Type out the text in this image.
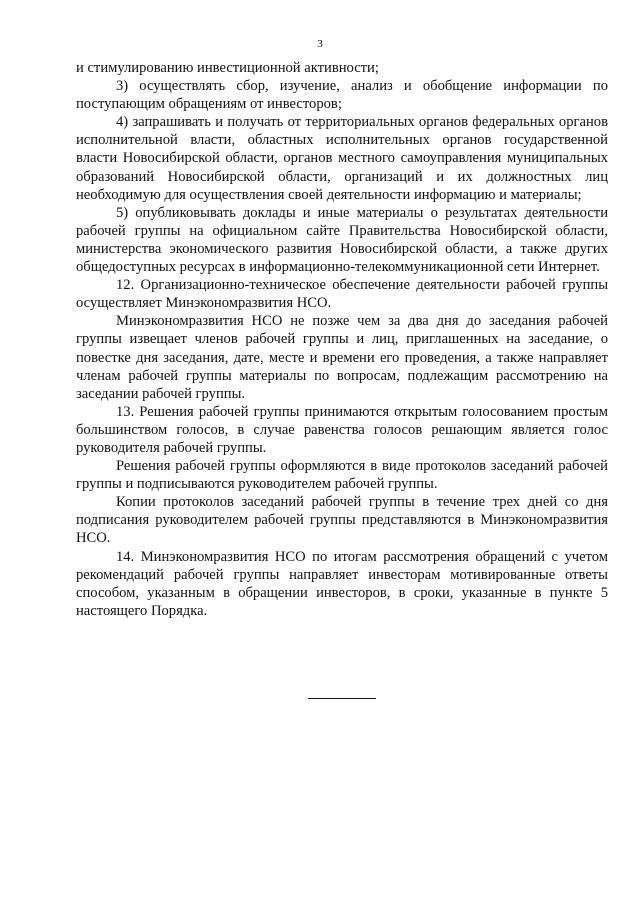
3

и стимулированию инвестиционной активности;

3) осуществлять сбор, изучение, анализ и обобщение информации по поступающим обращениям от инвесторов;

4) запрашивать и получать от территориальных органов федеральных органов исполнительной власти, областных исполнительных органов государственной власти Новосибирской области, органов местного самоуправления муниципальных образований Новосибирской области, организаций и их должностных лиц необходимую для осуществления своей деятельности информацию и материалы;

5) опубликовывать доклады и иные материалы о результатах деятельности рабочей группы на официальном сайте Правительства Новосибирской области, министерства экономического развития Новосибирской области, а также других общедоступных ресурсах в информационно-телекоммуникационной сети Интернет.

12. Организационно-техническое обеспечение деятельности рабочей группы осуществляет Минэкономразвития НСО.

Минэкономразвития НСО не позже чем за два дня до заседания рабочей группы извещает членов рабочей группы и лиц, приглашенных на заседание, о повестке дня заседания, дате, месте и времени его проведения, а также направляет членам рабочей группы материалы по вопросам, подлежащим рассмотрению на заседании рабочей группы.

13. Решения рабочей группы принимаются открытым голосованием простым большинством голосов, в случае равенства голосов решающим является голос руководителя рабочей группы.

Решения рабочей группы оформляются в виде протоколов заседаний рабочей группы и подписываются руководителем рабочей группы.

Копии протоколов заседаний рабочей группы в течение трех дней со дня подписания руководителем рабочей группы представляются в Минэкономразвития НСО.

14. Минэкономразвития НСО по итогам рассмотрения обращений с учетом рекомендаций рабочей группы направляет инвесторам мотивированные ответы способом, указанным в обращении инвесторов, в сроки, указанные в пункте 5 настоящего Порядка.
